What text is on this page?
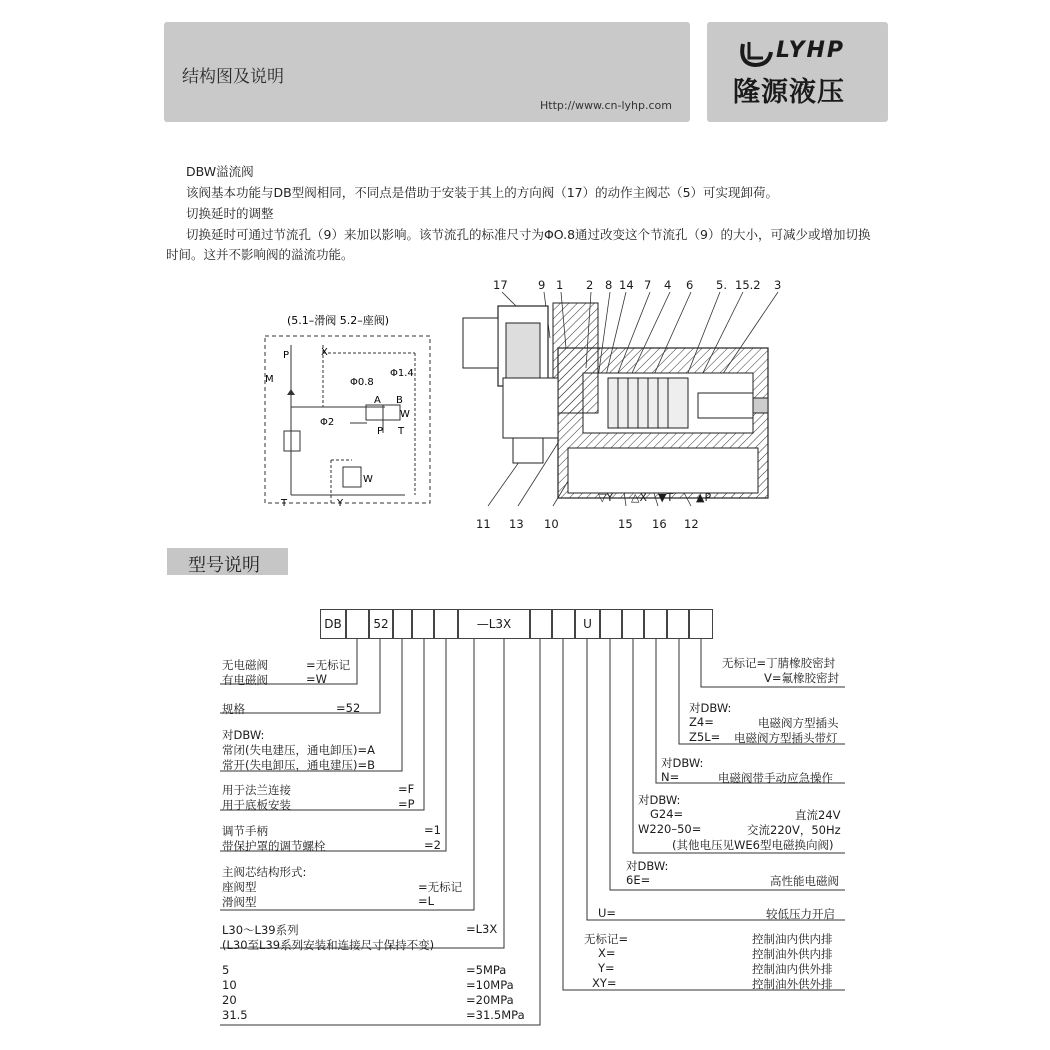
结构图及说明
Http://www.cn-lyhp.com
LYHP
隆源液压
DBW溢流阀
该阀基本功能与DB型阀相同，不同点是借助于安装于其上的方向阀（17）的动作主阀芯（5）可实现卸荷。
切换延时的调整
切换延时可通过节流孔（9）来加以影响。该节流孔的标准尺寸为ΦO.8通过改变这个节流孔（9）的大小，可减少或增加切换
时间。这并不影响阀的溢流功能。
(5.1–滑阀 5.2–座阀)
P	X
M	Φ0.8
Φ1.4
Φ2
A B
W
P T
W
T	Y
17	9 1 2 8 14 7 4 6 5. 15.2 3
▽Y △X ▼T ▲P
11 13 10	15 16 12
型号说明
DB	52	—L3X	U
无电磁阀	=无标记
有电磁阀	=W
规格	=52
对DBW:
常闭(失电建压，通电卸压)=A
常开(失电卸压，通电建压)=B
用于法兰连接	=F
用于底板安装	=P
调节手柄	=1
带保护罩的调节螺栓	=2
主阀芯结构形式:
座阀型	=无标记
滑阀型	=L
L30～L39系列	=L3X
(L30至L39系列安装和连接尺寸保持不变)
5	=5MPa
10	=10MPa
20	=20MPa
31.5	=31.5MPa
无标记=丁腈橡胶密封
V=氟橡胶密封
对DBW:
Z4=	电磁阀方型插头
Z5L= 电磁阀方型插头带灯
对DBW:
N=	电磁阀带手动应急操作
对DBW:
G24=	直流24V
W220–50=	交流220V，50Hz
(其他电压见WE6型电磁换向阀)
对DBW:
6E=	高性能电磁阀
U=	较低压力开启
无标记=	控制油内供内排
X=	控制油外供内排
Y=	控制油内供外排
XY=	控制油外供外排
